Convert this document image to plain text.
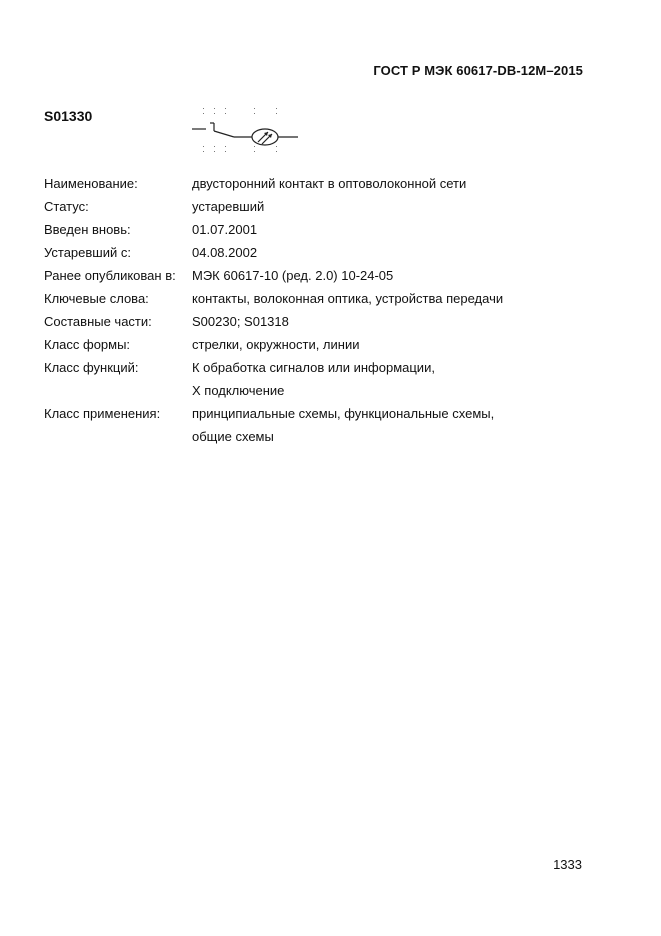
ГОСТ Р МЭК 60617-DB-12M–2015
S01330
Наименование:	двусторонний контакт в оптоволоконной сети
Статус:	устаревший
Введен вновь:	01.07.2001
Устаревший с:	04.08.2002
Ранее опубликован в:	МЭК 60617-10 (ред. 2.0) 10-24-05
Ключевые слова:	контакты, волоконная оптика, устройства передачи
Составные части:	S00230; S01318
Класс формы:	стрелки, окружности, линии
Класс функций:	К обработка сигналов или информации,
Х подключение
Класс применения:	принципиальные схемы, функциональные схемы,
общие схемы
1333
